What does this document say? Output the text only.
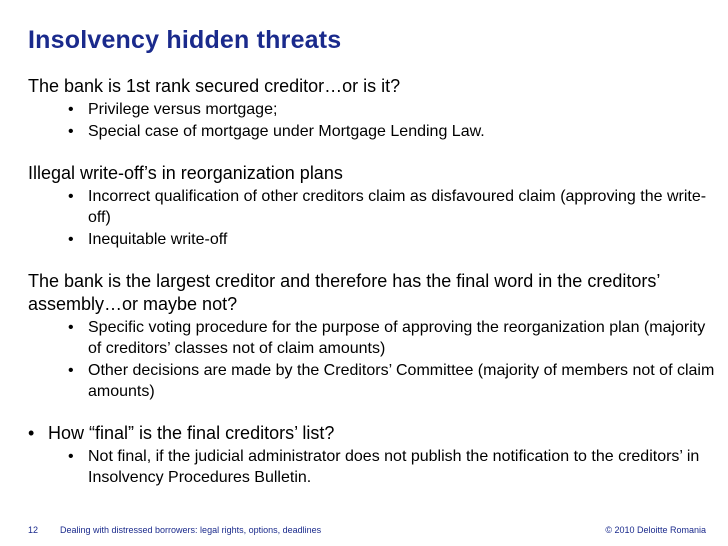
Insolvency hidden threats

The bank is 1st rank secured creditor…or is it?

• Privilege versus mortgage;
• Special case of mortgage under Mortgage Lending Law.

Illegal write-off’s in reorganization plans

• Incorrect qualification of other creditors claim as disfavoured claim (approving the write-off)
• Inequitable write-off

The bank is the largest creditor and therefore has the final word in the creditors’ assembly…or maybe not?

• Specific voting procedure for the purpose of approving the reorganization plan (majority of creditors’ classes not of claim amounts)
• Other decisions are made by the Creditors’ Committee (majority of members not of claim amounts)

• How “final” is the final creditors’ list?

• Not final, if the judicial administrator does not publish the notification to the creditors’ in Insolvency Procedures Bulletin.
12 Dealing with distressed borrowers: legal rights, options, deadlines	© 2010 Deloitte Romania
